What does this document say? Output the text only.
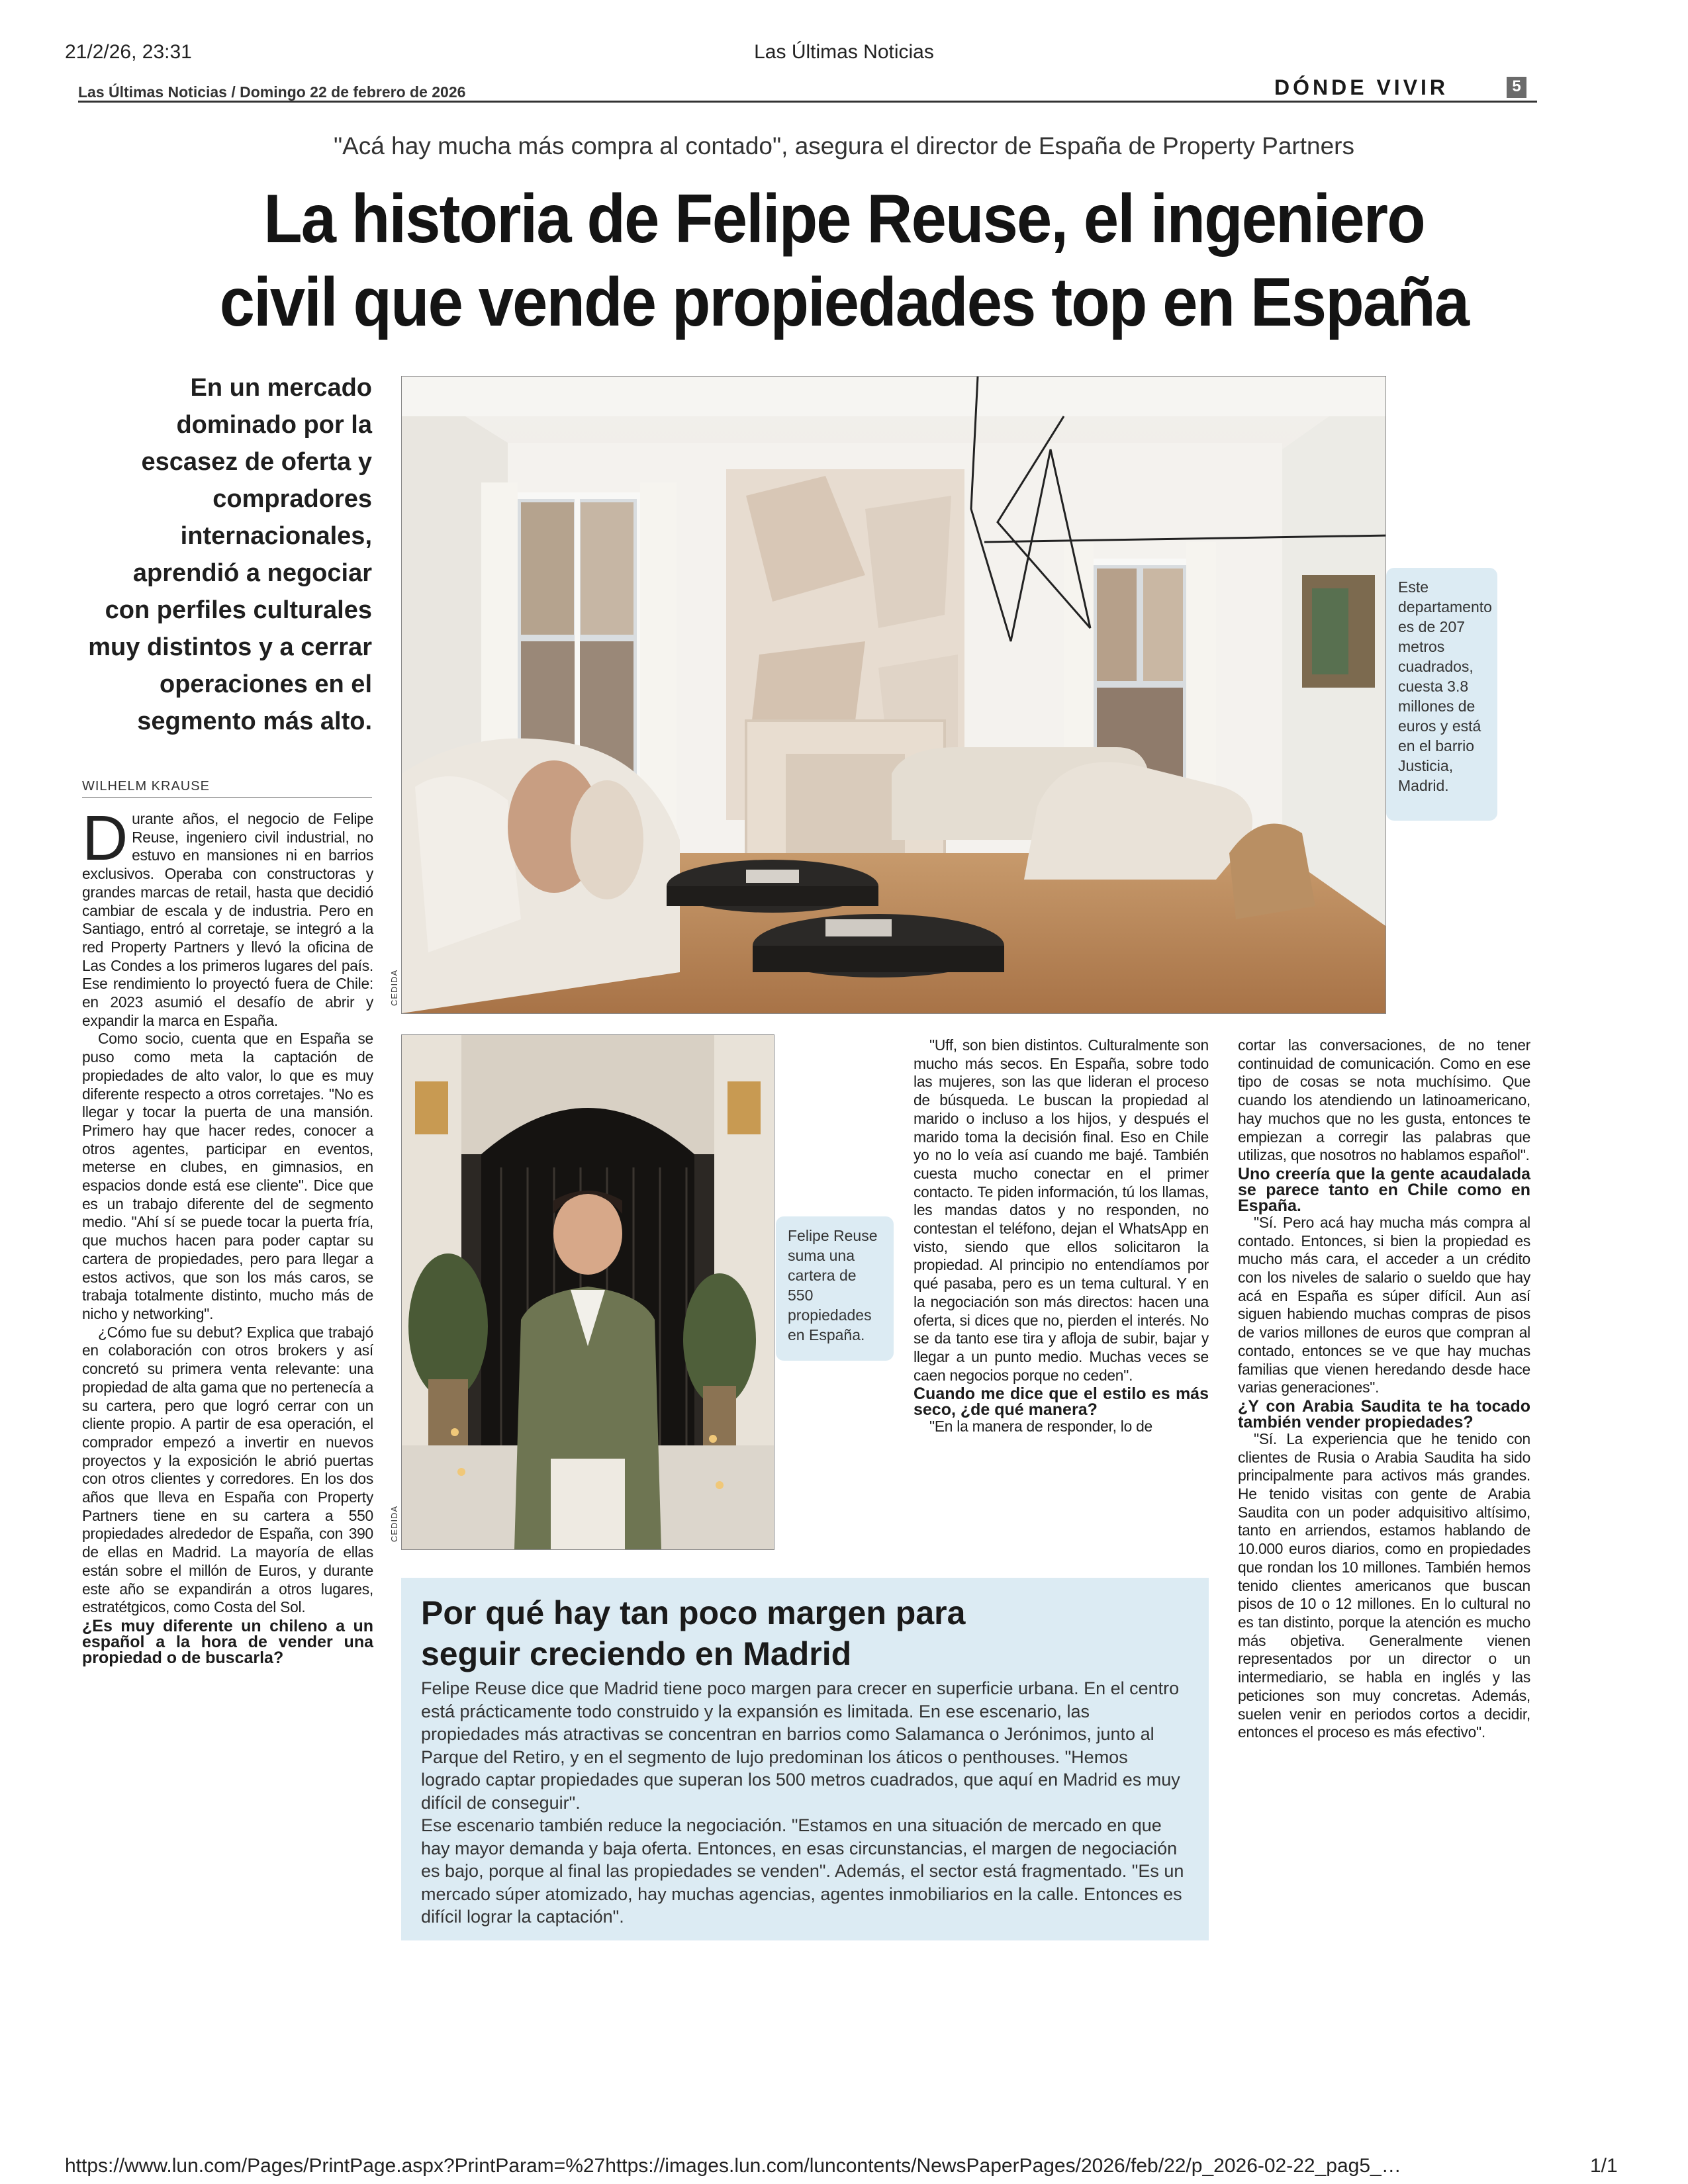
21/2/26, 23:31	Las Últimas Noticias
Las Últimas Noticias / Domingo 22 de febrero de 2026	DÓNDE VIVIR	5
"Acá hay mucha más compra al contado", asegura el director de España de Property Partners
La historia de Felipe Reuse, el ingeniero
civil que vende propiedades top en España
En un mercado dominado por la escasez de oferta y compradores internacionales, aprendió a negociar con perfiles culturales muy distintos y a cerrar operaciones en el segmento más alto.
WILHELM KRAUSE

Durante años, el negocio de Felipe Reuse, ingeniero civil industrial, no estuvo en mansiones ni en barrios exclusivos. Operaba con constructoras y grandes marcas de retail, hasta que decidió cambiar de escala y de industria. Pero en Santiago, entró al corretaje, se integró a la red Property Partners y llevó la oficina de Las Condes a los primeros lugares del país. Ese rendimiento lo proyectó fuera de Chile: en 2023 asumió el desafío de abrir y expandir la marca en España.

Como socio, cuenta que en España se puso como meta la captación de propiedades de alto valor, lo que es muy diferente respecto a otros corretajes. "No es llegar y tocar la puerta de una mansión. Primero hay que hacer redes, conocer a otros agentes, participar en eventos, meterse en clubes, en gimnasios, en espacios donde está ese cliente". Dice que es un trabajo diferente del de segmento medio. "Ahí sí se puede tocar la puerta fría, que muchos hacen para poder captar su cartera de propiedades, pero para llegar a estos activos, que son los más caros, se trabaja totalmente distinto, mucho más de nicho y networking".

¿Cómo fue su debut? Explica que trabajó en colaboración con otros brokers y así concretó su primera venta relevante: una propiedad de alta gama que no pertenecía a su cartera, pero que logró cerrar con un cliente propio. A partir de esa operación, el comprador empezó a invertir en nuevos proyectos y la exposición le abrió puertas con otros clientes y corredores. En los dos años que lleva en España con Property Partners tiene en su cartera a 550 propiedades alrededor de España, con 390 de ellas en Madrid. La mayoría de ellas están sobre el millón de Euros, y durante este año se expandirán a otros lugares, estratétgicos, como Costa del Sol.

¿Es muy diferente un chileno a un español a la hora de vender una propiedad o de buscarla?

CEDIDA
Este departamento es de 207 metros cuadrados, cuesta 3.8 millones de euros y está en el barrio Justicia, Madrid.
CEDIDA
Felipe Reuse suma una cartera de 550 propiedades en España.

"Uff, son bien distintos. Culturalmente son mucho más secos. En España, sobre todo las mujeres, son las que lideran el proceso de búsqueda. Le buscan la propiedad al marido o incluso a los hijos, y después el marido toma la decisión final. Eso en Chile yo no lo veía así cuando me bajé. También cuesta mucho conectar en el primer contacto. Te piden información, tú los llamas, les mandas datos y no responden, no contestan el teléfono, dejan el WhatsApp en visto, siendo que ellos solicitaron la propiedad. Al principio no entendíamos por qué pasaba, pero es un tema cultural. Y en la negociación son más directos: hacen una oferta, si dices que no, pierden el interés. No se da tanto ese tira y afloja de subir, bajar y llegar a un punto medio. Muchas veces se caen negocios porque no ceden".

Cuando me dice que el estilo es más seco, ¿de qué manera?

"En la manera de responder, lo de

cortar las conversaciones, de no tener continuidad de comunicación. Como en ese tipo de cosas se nota muchísimo. Que cuando los atendiendo un latinoamericano, hay muchos que no les gusta, entonces te empiezan a corregir las palabras que utilizas, que nosotros no hablamos español".

Uno creería que la gente acaudalada se parece tanto en Chile como en España.

"Sí. Pero acá hay mucha más compra al contado. Entonces, si bien la propiedad es mucho más cara, el acceder a un crédito con los niveles de salario o sueldo que hay acá en España es súper difícil. Aun así siguen habiendo muchas compras de pisos de varios millones de euros que compran al contado, entonces se ve que hay muchas familias que vienen heredando desde hace varias generaciones".

¿Y con Arabia Saudita te ha tocado también vender propiedades?

"Sí. La experiencia que he tenido con clientes de Rusia o Arabia Saudita ha sido principalmente para activos más grandes. He tenido visitas con gente de Arabia Saudita con un poder adquisitivo altísimo, tanto en arriendos, estamos hablando de 10.000 euros diarios, como en propiedades que rondan los 10 millones. También hemos tenido clientes americanos que buscan pisos de 10 o 12 millones. En lo cultural no es tan distinto, porque la atención es mucho más objetiva. Generalmente vienen representados por un director o un intermediario, se habla en inglés y las peticiones son muy concretas. Además, suelen venir en periodos cortos a decidir, entonces el proceso es más efectivo".

Por qué hay tan poco margen para seguir creciendo en Madrid

Felipe Reuse dice que Madrid tiene poco margen para crecer en superficie urbana. En el centro está prácticamente todo construido y la expansión es limitada. En ese escenario, las propiedades más atractivas se concentran en barrios como Salamanca o Jerónimos, junto al Parque del Retiro, y en el segmento de lujo predominan los áticos o penthouses. "Hemos logrado captar propiedades que superan los 500 metros cuadrados, que aquí en Madrid es muy difícil de conseguir".

Ese escenario también reduce la negociación. "Estamos en una situación de mercado en que hay mayor demanda y baja oferta. Entonces, en esas circunstancias, el margen de negociación es bajo, porque al final las propiedades se venden". Además, el sector está fragmentado. "Es un mercado súper atomizado, hay muchas agencias, agentes inmobiliarios en la calle. Entonces es difícil lograr la captación".

https://www.lun.com/Pages/PrintPage.aspx?PrintParam=%27https://images.lun.com/luncontents/NewsPaperPages/2026/feb/22/p_2026-02-22_pag5_…	1/1
